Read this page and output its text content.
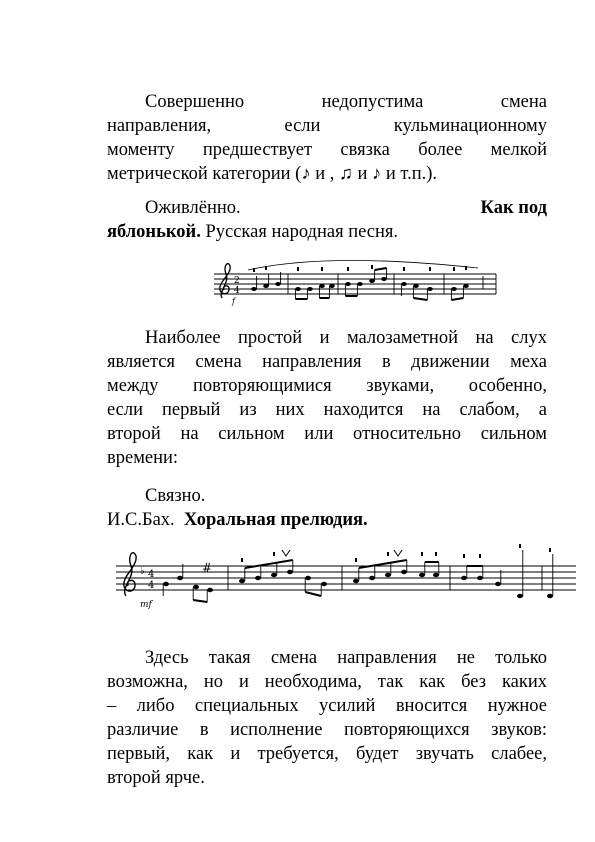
Совершенно недопустима смена
направления, если кульминационному
моменту предшествует связка более мелкой
метрической категории (♪ и , ♫ и ♪ и т.п.).
Оживлённо.	Как под
яблонькой. Русская народная песня.
2
4
f
Наиболее простой и малозаметной на слух
является смена направления в движении меха
между повторяющимися звуками, особенно,
если первый из них находится на слабом, а
второй на сильном или относительно сильном
времени:
Связно.
И.С.Бах. Хоральная прелюдия.
♭ 4
4
mf
#
Здесь такая смена направления не только
возможна, но и необходима, так как без каких
– либо специальных усилий вносится нужное
различие в исполнение повторяющихся звуков:
первый, как и требуется, будет звучать слабее,
второй ярче.
